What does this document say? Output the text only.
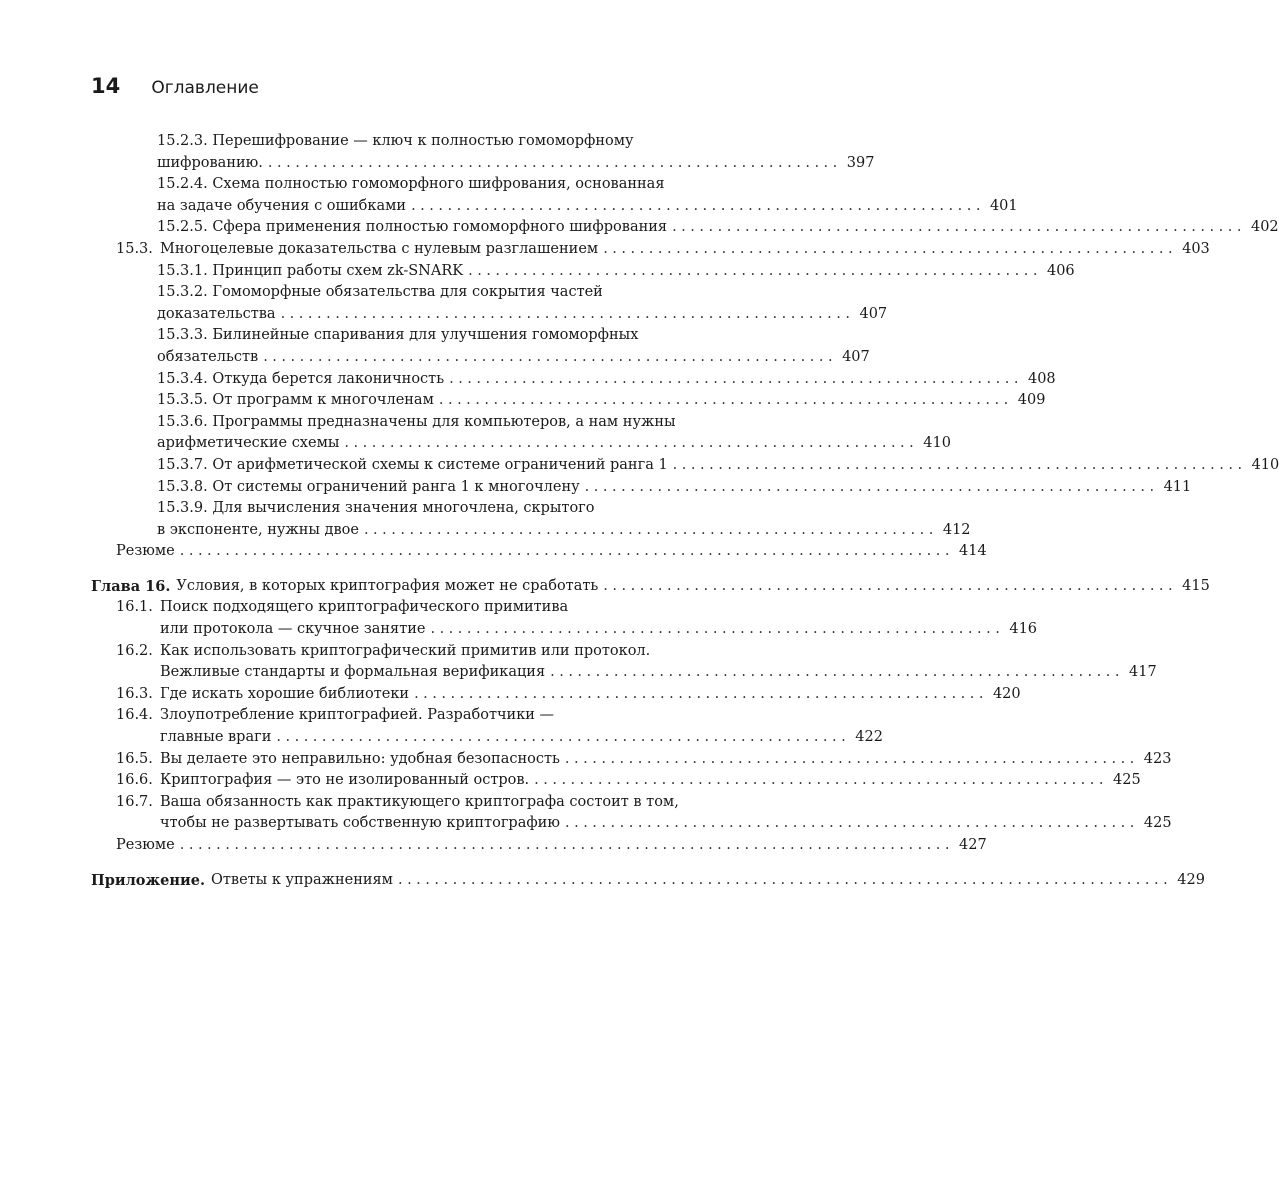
14 Оглавление
15.2.3. Перешифрование — ключ к полностью гомоморфному
шифрованию. ............................................................... 397
15.2.4. Схема полностью гомоморфного шифрования, основанная
на задаче обучения с ошибками ............................................................... 401
15.2.5. Сфера применения полностью гомоморфного шифрования ............................................................... 402
15.3. Многоцелевые доказательства с нулевым разглашением ............................................................... 403
15.3.1. Принцип работы схем zk-SNARK ............................................................... 406
15.3.2. Гомоморфные обязательства для сокрытия частей
доказательства ............................................................... 407
15.3.3. Билинейные спаривания для улучшения гомоморфных
обязательств ............................................................... 407
15.3.4. Откуда берется лаконичность ............................................................... 408
15.3.5. От программ к многочленам ............................................................... 409
15.3.6. Программы предназначены для компьютеров, а нам нужны
арифметические схемы ............................................................... 410
15.3.7. От арифметической схемы к системе ограничений ранга 1 ............................................................... 410
15.3.8. От системы ограничений ранга 1 к многочлену ............................................................... 411
15.3.9. Для вычисления значения многочлена, скрытого
в экспоненте, нужны двое ............................................................... 412
Резюме ..................................................................................... 414
Глава 16. Условия, в которых криптография может не сработать ............................................................... 415
16.1. Поиск подходящего криптографического примитива
или протокола — скучное занятие ............................................................... 416
16.2. Как использовать криптографический примитив или протокол.
Вежливые стандарты и формальная верификация ............................................................... 417
16.3. Где искать хорошие библиотеки ............................................................... 420
16.4. Злоупотребление криптографией. Разработчики —
главные враги ............................................................... 422
16.5. Вы делаете это неправильно: удобная безопасность ............................................................... 423
16.6. Криптография — это не изолированный остров. ............................................................... 425
16.7. Ваша обязанность как практикующего криптографа состоит в том,
чтобы не развертывать собственную криптографию ............................................................... 425
Резюме ..................................................................................... 427
Приложение. Ответы к упражнениям ..................................................................................... 429
